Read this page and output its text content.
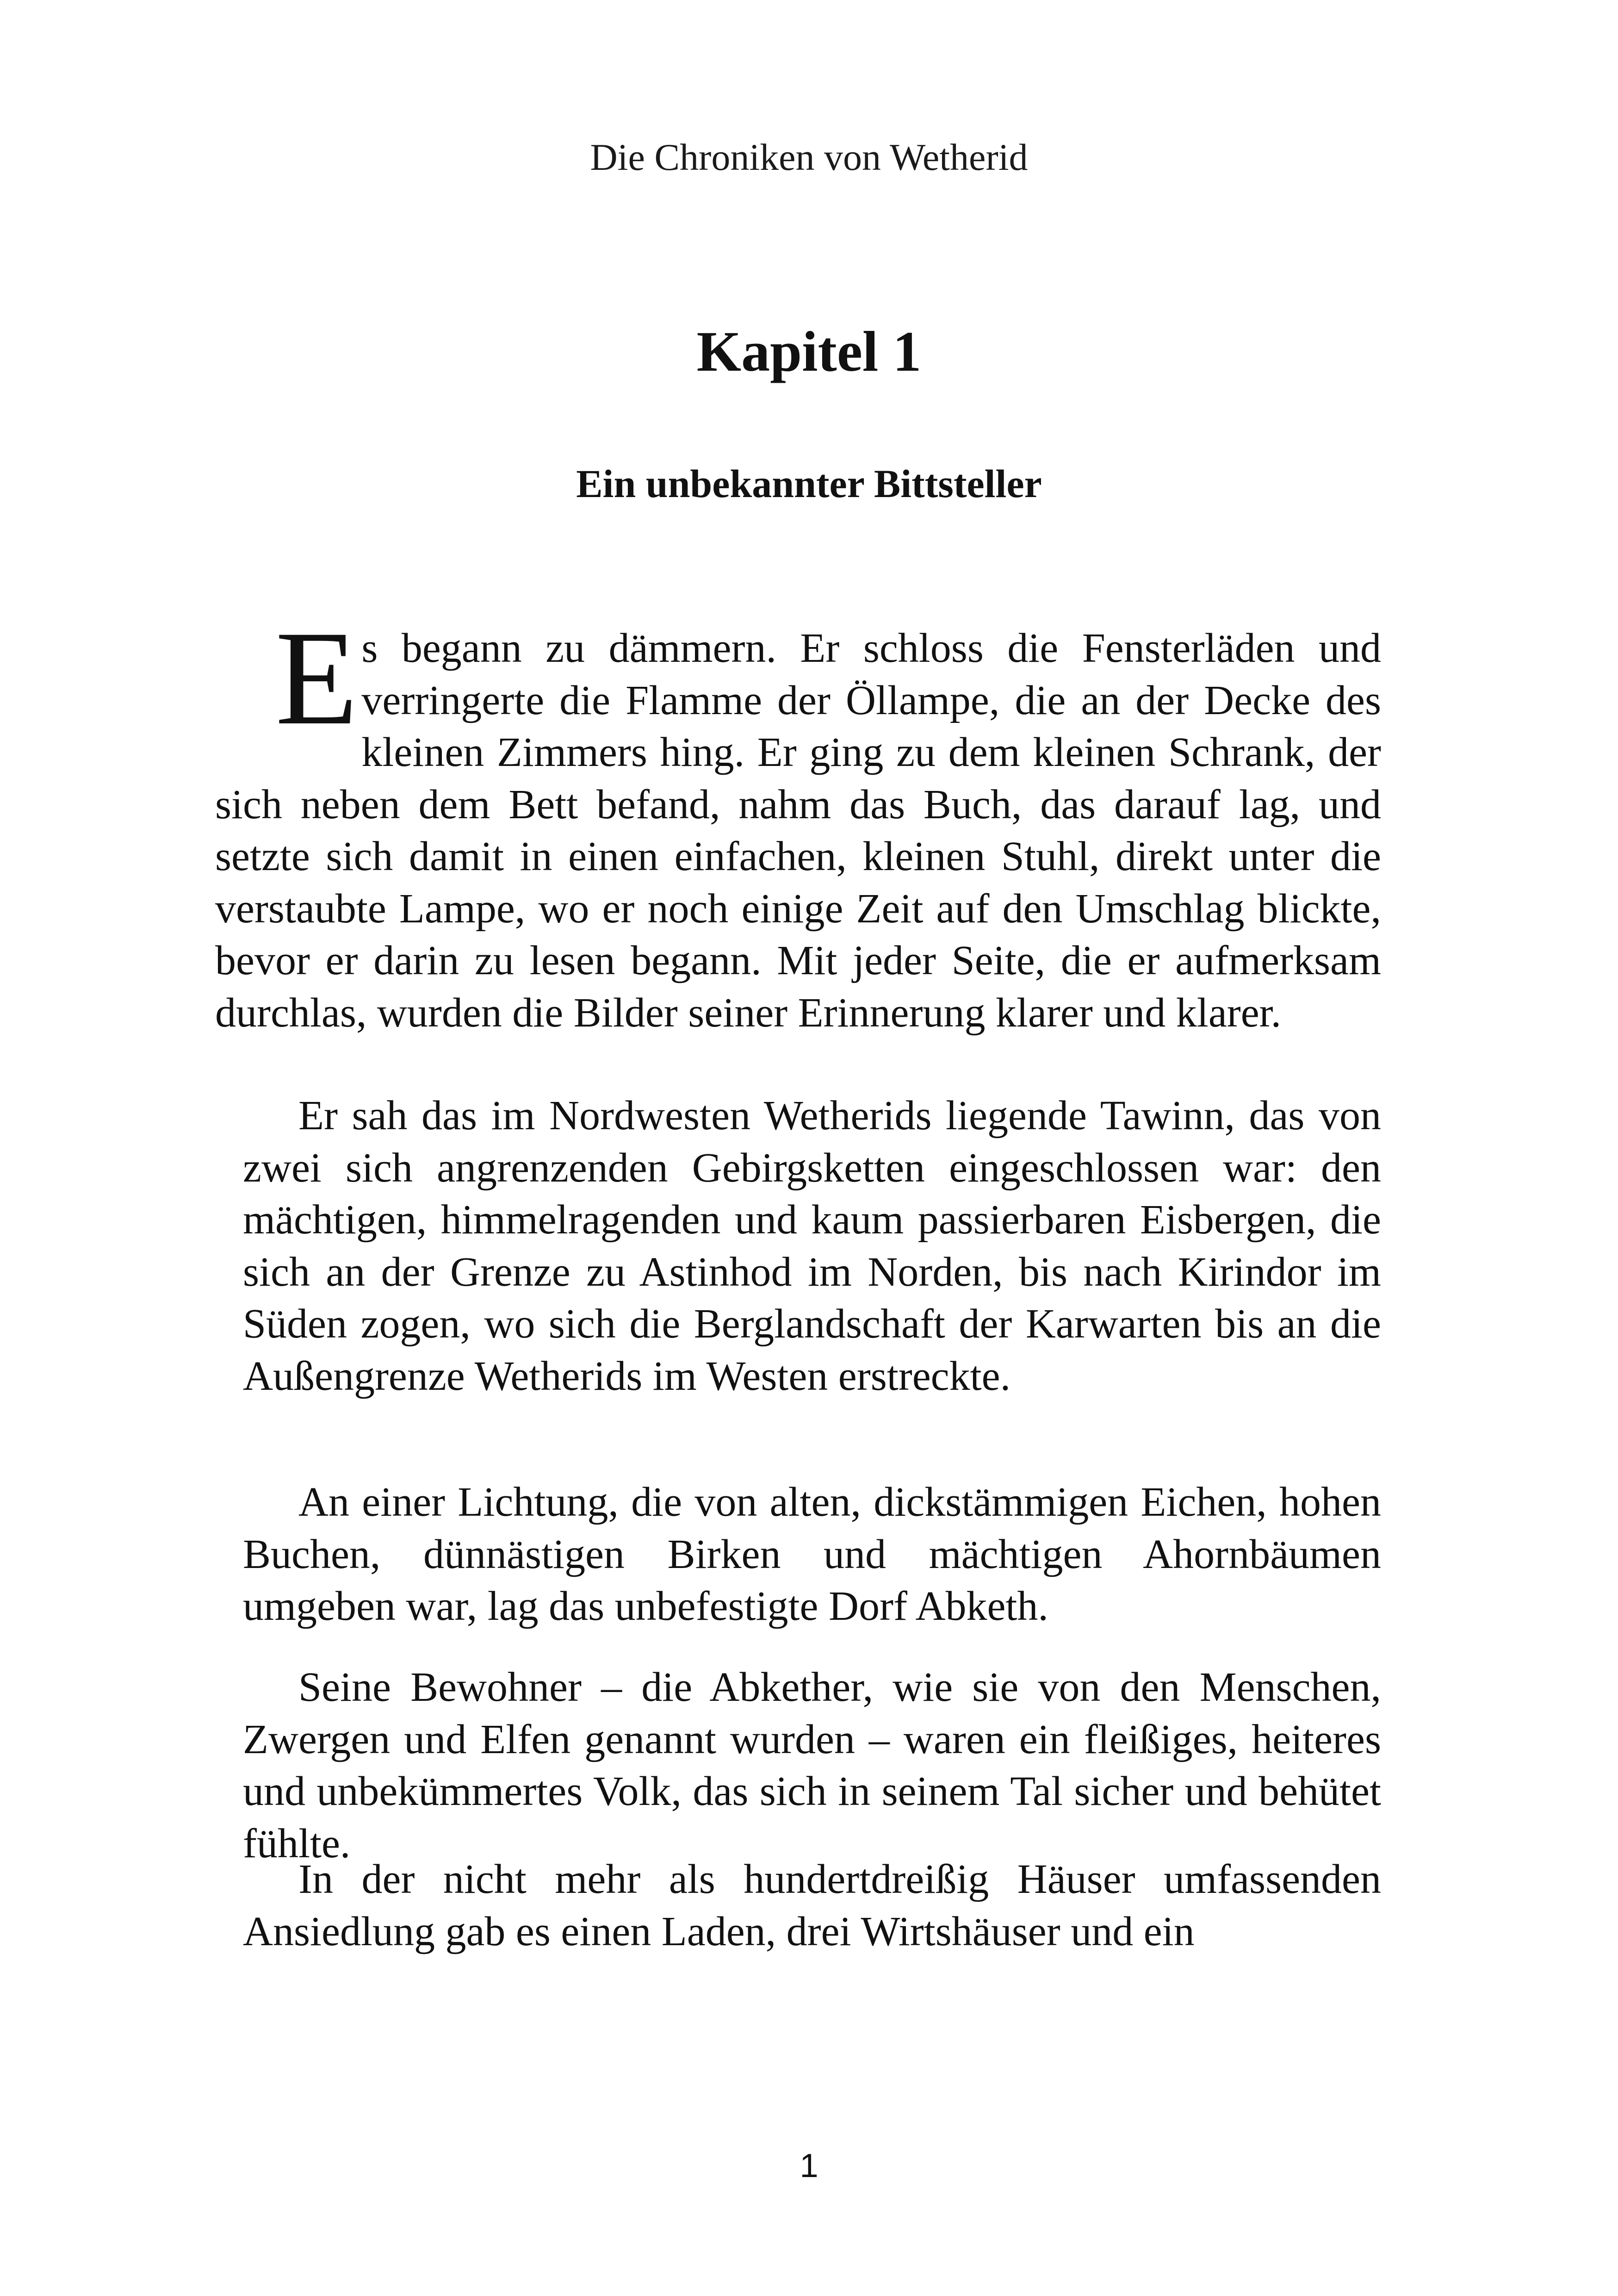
Die Chroniken von Wetherid
Kapitel 1
Ein unbekannter Bittsteller

Es begann zu dämmern. Er schloss die Fensterläden und verringerte die Flamme der Öllampe, die an der Decke des kleinen Zimmers hing. Er ging zu dem kleinen Schrank, der sich neben dem Bett befand, nahm das Buch, das darauf lag, und setzte sich damit in einen einfachen, kleinen Stuhl, direkt unter die verstaubte Lampe, wo er noch einige Zeit auf den Umschlag blickte, bevor er darin zu lesen begann. Mit jeder Seite, die er aufmerksam durchlas, wurden die Bilder seiner Erinnerung klarer und klarer.

Er sah das im Nordwesten Wetherids liegende Tawinn, das von zwei sich angrenzenden Gebirgsketten eingeschlossen war: den mächtigen, himmelragenden und kaum passierbaren Eisbergen, die sich an der Grenze zu Astinhod im Norden, bis nach Kirindor im Süden zogen, wo sich die Berglandschaft der Karwarten bis an die Außengrenze Wetherids im Westen erstreckte.

An einer Lichtung, die von alten, dickstämmigen Eichen, hohen Buchen, dünnästigen Birken und mächtigen Ahornbäumen umgeben war, lag das unbefestigte Dorf Abketh.

Seine Bewohner – die Abkether, wie sie von den Menschen, Zwergen und Elfen genannt wurden – waren ein fleißiges, heiteres und unbekümmertes Volk, das sich in seinem Tal sicher und behütet fühlte.

In der nicht mehr als hundertdreißig Häuser umfassenden Ansiedlung gab es einen Laden, drei Wirtshäuser und ein

1
